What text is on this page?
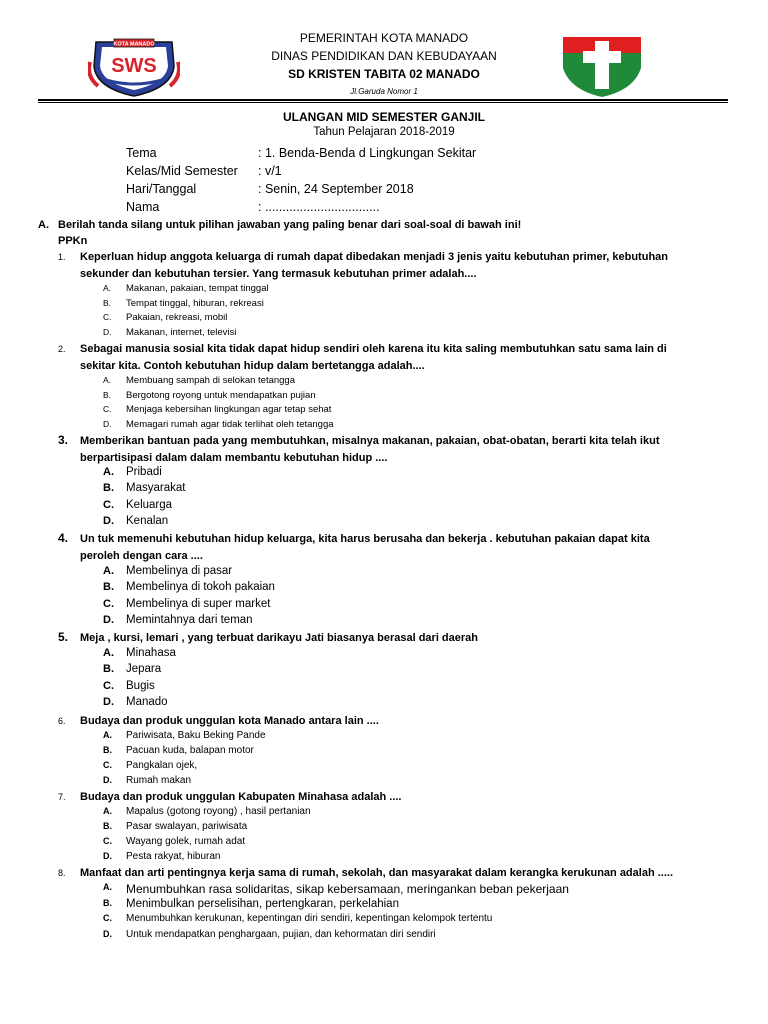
KOTA MANADO
SWS
PEMERINTAH KOTA MANADO
DINAS PENDIDIKAN DAN KEBUDAYAAN
SD KRISTEN TABITA 02 MANADO
Jl.Garuda Nomor 1
ULANGAN MID SEMESTER GANJIL
Tahun Pelajaran 2018-2019
Tema	: 1. Benda-Benda d Lingkungan Sekitar
Kelas/Mid Semester : v/1
Hari/Tanggal	: Senin, 24 September 2018
Nama	: .................................
A. Berilah tanda silang untuk pilihan jawaban yang paling benar dari soal-soal di bawah ini!
PPKn
1. Keperluan hidup anggota keluarga di rumah dapat dibedakan menjadi 3 jenis yaitu kebutuhan primer, kebutuhan
sekunder dan kebutuhan tersier. Yang termasuk kebutuhan primer adalah....
A. Makanan, pakaian, tempat tinggal
B. Tempat tinggal, hiburan, rekreasi
C. Pakaian, rekreasi, mobil
D. Makanan, internet, televisi
2. Sebagai manusia sosial kita tidak dapat hidup sendiri oleh karena itu kita saling membutuhkan satu sama lain di
sekitar kita. Contoh kebutuhan hidup dalam bertetangga adalah....
A. Membuang sampah di selokan tetangga
B. Bergotong royong untuk mendapatkan pujian
C. Menjaga kebersihan lingkungan agar tetap sehat
D. Memagari rumah agar tidak terlihat oleh tetangga
3. Memberikan bantuan pada yang membutuhkan, misalnya makanan, pakaian, obat-obatan, berarti kita telah ikut
berpartisipasi dalam dalam membantu kebutuhan hidup ....
A. Pribadi
B. Masyarakat
C. Keluarga
D. Kenalan
4. Un tuk memenuhi kebutuhan hidup keluarga, kita harus berusaha dan bekerja . kebutuhan pakaian dapat kita
peroleh dengan cara ....
A. Membelinya di pasar
B. Membelinya di tokoh pakaian
C. Membelinya di super market
D. Memintahnya dari teman
5. Meja , kursi, lemari , yang terbuat darikayu Jati biasanya berasal dari daerah
A. Minahasa
B. Jepara
C. Bugis
D. Manado
6. Budaya dan produk unggulan kota Manado antara lain ....
A. Pariwisata, Baku Beking Pande
B. Pacuan kuda, balapan motor
C. Pangkalan ojek,
D. Rumah makan
7. Budaya dan produk unggulan Kabupaten Minahasa adalah ....
A. Mapalus (gotong royong) , hasil pertanian
B. Pasar swalayan, pariwisata
C. Wayang golek, rumah adat
D. Pesta rakyat, hiburan
8. Manfaat dan arti pentingnya kerja sama di rumah, sekolah, dan masyarakat dalam kerangka kerukunan adalah .....
A. Menumbuhkan rasa solidaritas, sikap kebersamaan, meringankan beban pekerjaan
B. Menimbulkan perselisihan, pertengkaran, perkelahian
C. Menumbuhkan kerukunan, kepentingan diri sendiri, kepentingan kelompok tertentu
D. Untuk mendapatkan penghargaan, pujian, dan kehormatan diri sendiri
